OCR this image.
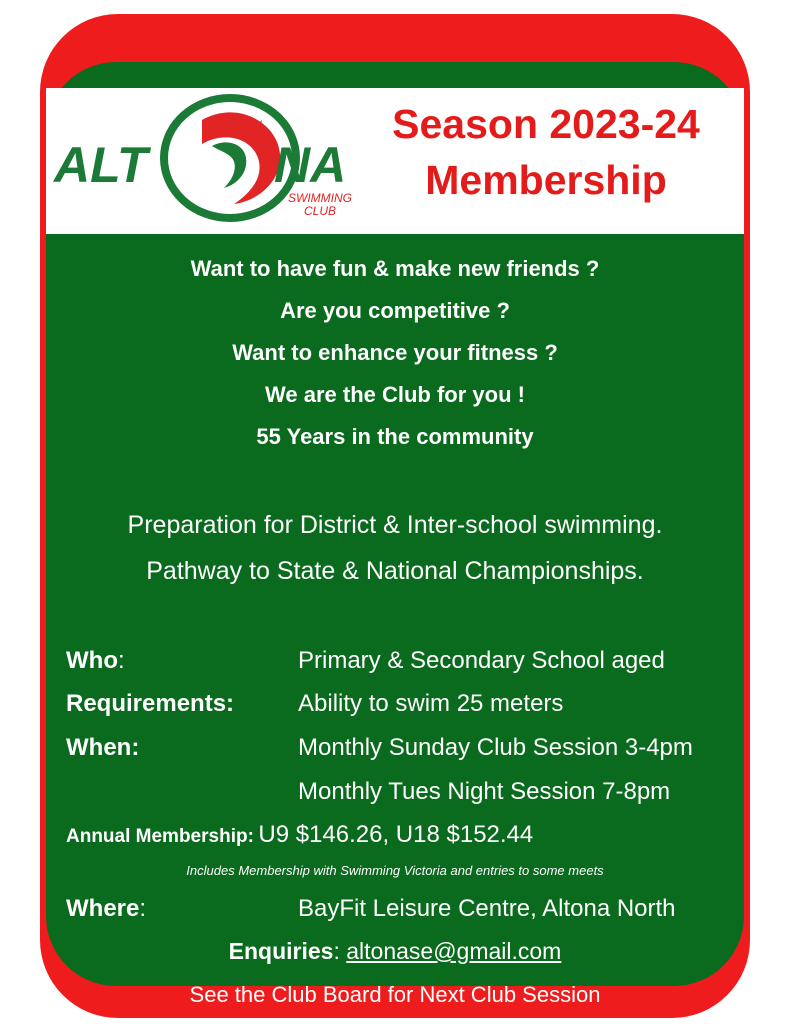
ALT	NA
SWIMMING
CLUB
Season 2023-24
Membership
Want to have fun & make new friends ?
Are you competitive ?
Want to enhance your fitness ?
We are the Club for you !
55 Years in the community
Preparation for District & Inter-school swimming.
Pathway to State & National Championships.
Who:	Primary & Secondary School aged
Requirements:	Ability to swim 25 meters
When:	Monthly Sunday Club Session 3-4pm
Monthly Tues Night Session 7-8pm
Annual Membership: U9 $146.26, U18 $152.44
Includes Membership with Swimming Victoria and entries to some meets
Where:	BayFit Leisure Centre, Altona North
Enquiries: altonase@gmail.com
See the Club Board for Next Club Session
